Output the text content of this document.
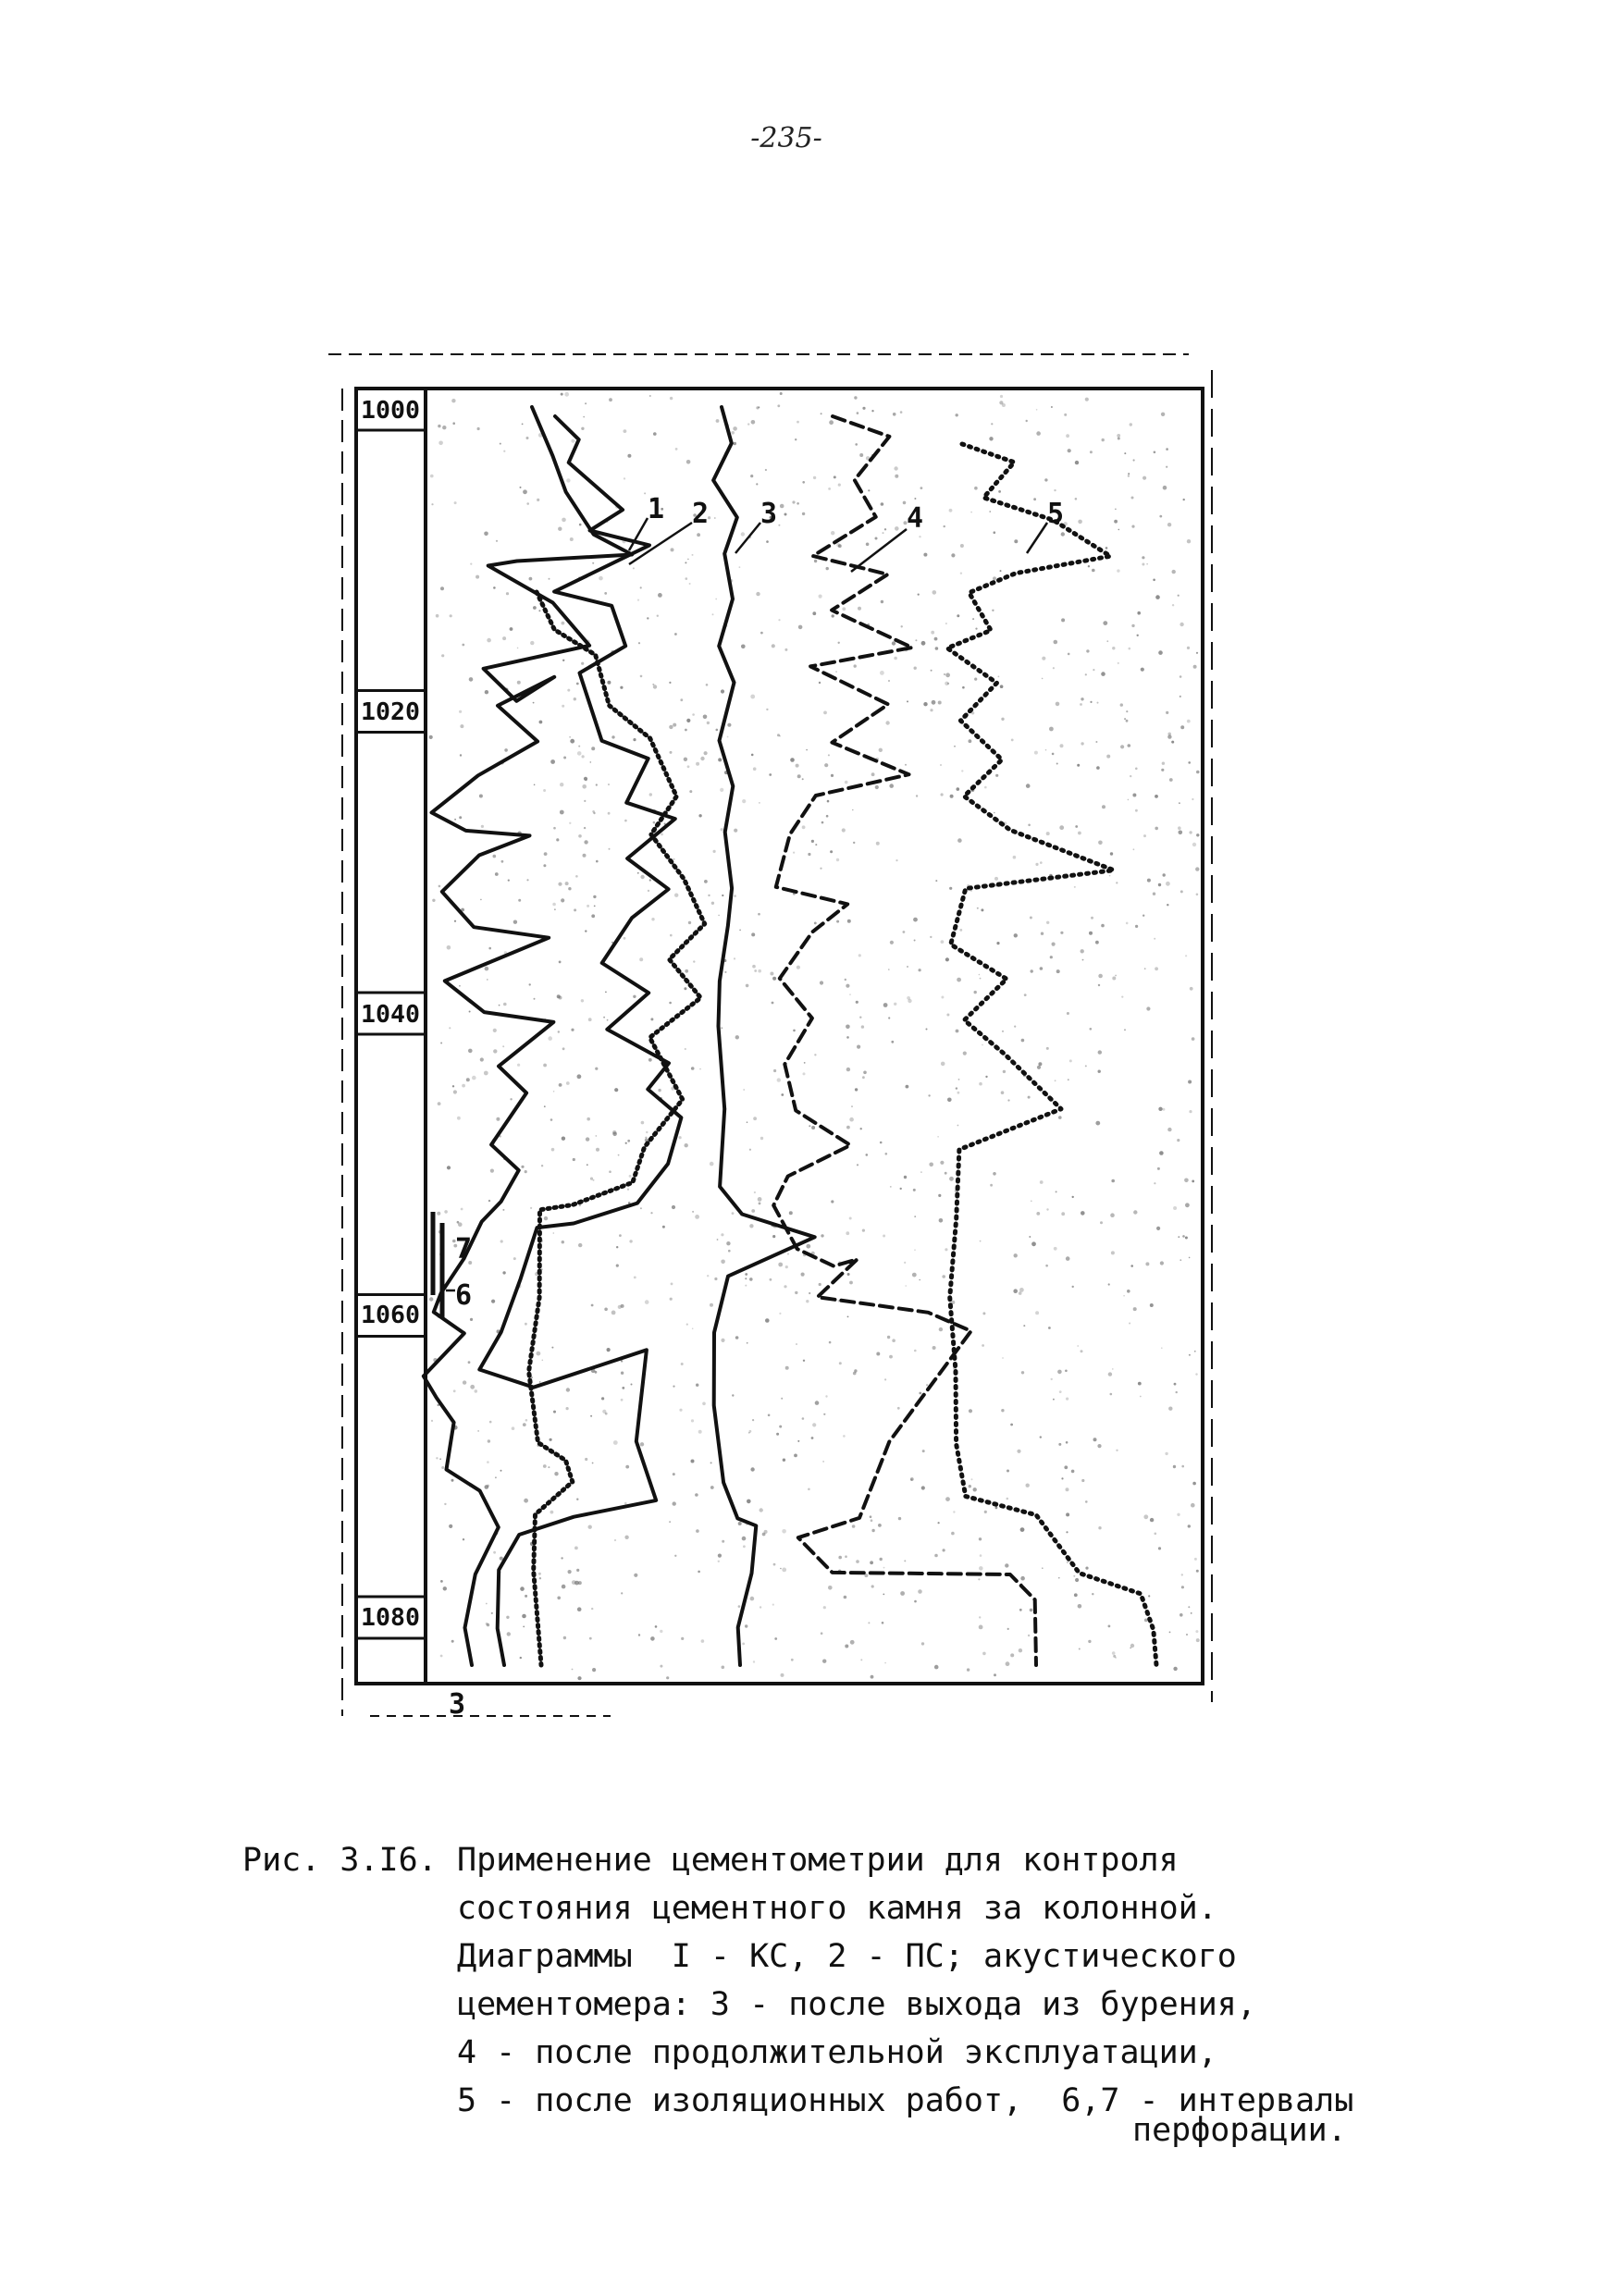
-235-
1000
1020
1040
1060
1080
1 2 3	4	5
7
6
3
Рис. 3.І6. Применение цементометрии для контроля
состояния цементного камня за колонной.
Диаграммы  I - КС, 2 - ПС; акустического
цементомера: 3 - после выхода из бурения,
4 - после продолжительной эксплуатации,
5 - после изоляционных работ,  6,7 - интервалы
перфорации.
